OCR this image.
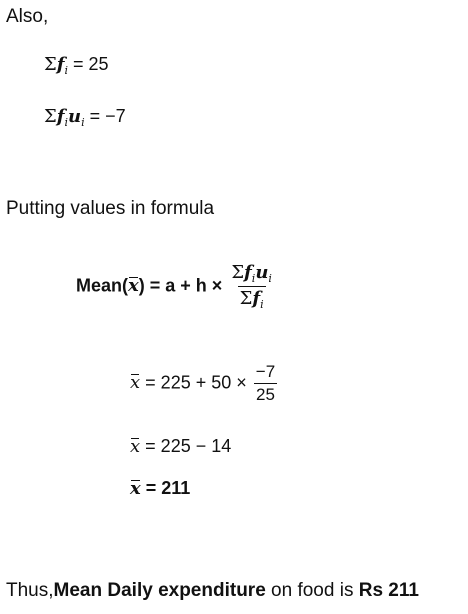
Also,
$\Sigma f_i = 25$
$\Sigma f_iu_i = -7$
Putting values in formula
Mean(x) = $a + h \times \frac{\Sigma f_iu_i}{\Sigma f_i}$
$x = 225 + 50 \times \frac{-7}{25}$
x = 225 − 14
x = 211
Thus,Mean Daily expenditure on food is Rs 211
